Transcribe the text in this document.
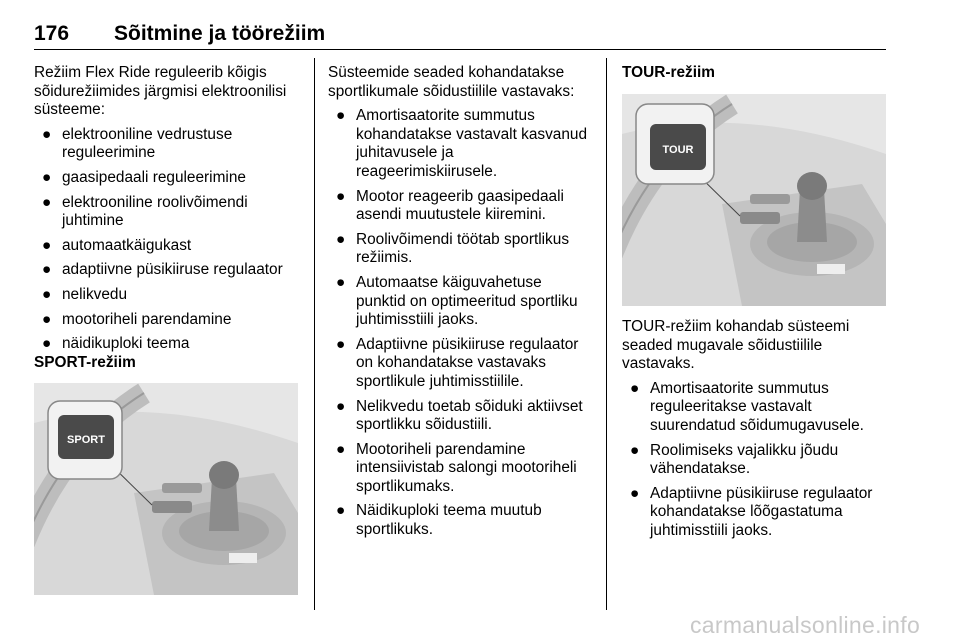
176 Sõitmine ja töörežiim

Režiim Flex Ride reguleerib kõigis sõidurežiimides järgmisi elektroonilisi süsteeme:

● elektrooniline vedrustuse reguleerimine
● gaasipedaali reguleerimine
● elektrooniline roolivõimendi juhtimine
● automaatkäigukast
● adaptiivne püsikiiruse regulaator
● nelikvedu
● mootoriheli parendamine
● näidikuploki teema

SPORT-režiim

SPORT

Süsteemide seaded kohandatakse sportlikumale sõidustiilile vastavaks:

● Amortisaatorite summutus kohandatakse vastavalt kasvanud juhitavusele ja reageerimiskiirusele.
● Mootor reageerib gaasipedaali asendi muutustele kiiremini.
● Roolivõimendi töötab sportlikus režiimis.
● Automaatse käiguvahetuse punktid on optimeeritud sportliku juhtimisstiili jaoks.
● Adaptiivne püsikiiruse regulaator on kohandatakse vastavaks sportlikule juhtimisstiilile.
● Nelikvedu toetab sõiduki aktiivset sportlikku sõidustiili.
● Mootoriheli parendamine intensiivistab salongi mootoriheli sportlikumaks.
● Näidikuploki teema muutub sportlikuks.

TOUR-režiim

TOUR

TOUR-režiim kohandab süsteemi seaded mugavale sõidustiilile vastavaks.

● Amortisaatorite summutus reguleeritakse vastavalt suurendatud sõidumugavusele.
● Roolimiseks vajalikku jõudu vähendatakse.
● Adaptiivne püsikiiruse regulaator kohandatakse lõõgastatuma juhtimisstiili jaoks.
carmanualsonline.info
